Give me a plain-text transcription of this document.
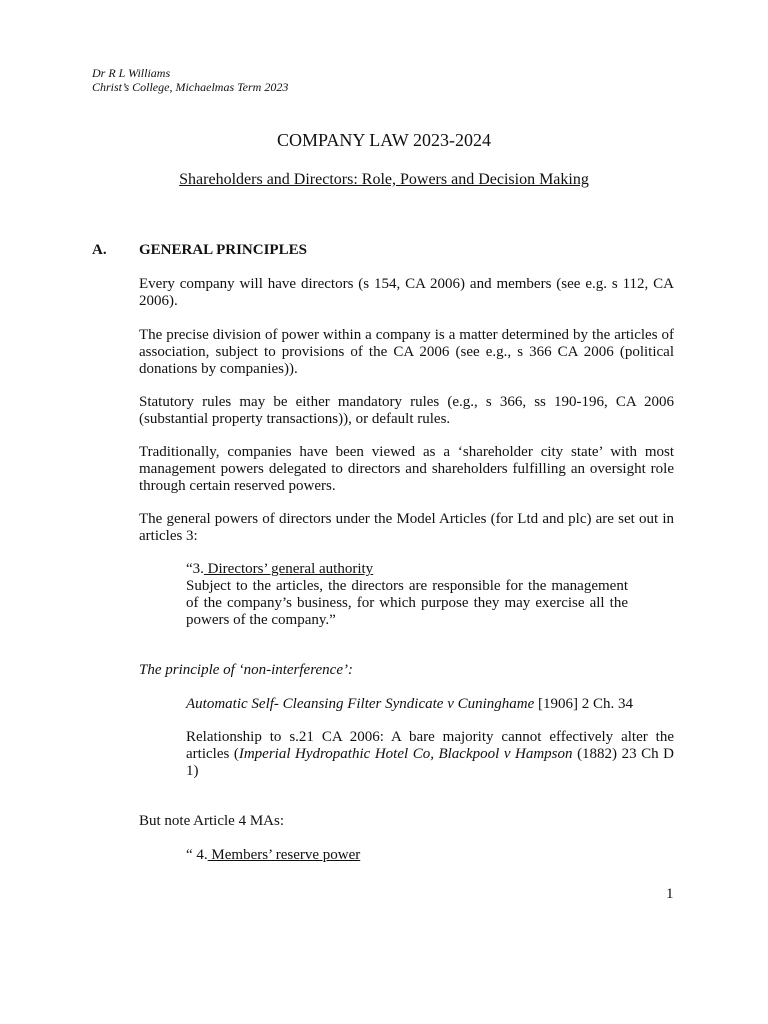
Dr R L Williams
Christ’s College, Michaelmas Term 2023
COMPANY LAW 2023-2024
Shareholders and Directors: Role, Powers and Decision Making
A. GENERAL PRINCIPLES
Every company will have directors (s 154, CA 2006) and members (see e.g. s 112, CA 2006).
The precise division of power within a company is a matter determined by the articles of association, subject to provisions of the CA 2006 (see e.g., s 366 CA 2006 (political donations by companies)).
Statutory rules may be either mandatory rules (e.g., s 366, ss 190-196, CA 2006 (substantial property transactions)), or default rules.
Traditionally, companies have been viewed as a ‘shareholder city state’ with most management powers delegated to directors and shareholders fulfilling an oversight role through certain reserved powers.
The general powers of directors under the Model Articles (for Ltd and plc) are set out in articles 3:
“3. Directors’ general authority
Subject to the articles, the directors are responsible for the management of the company’s business, for which purpose they may exercise all the powers of the company.”
The principle of ‘non-interference’:
Automatic Self- Cleansing Filter Syndicate v Cuninghame [1906] 2 Ch. 34
Relationship to s.21 CA 2006: A bare majority cannot effectively alter the articles (Imperial Hydropathic Hotel Co, Blackpool v Hampson (1882) 23 Ch D 1)
But note Article 4 MAs:
“ 4. Members’ reserve power
1
